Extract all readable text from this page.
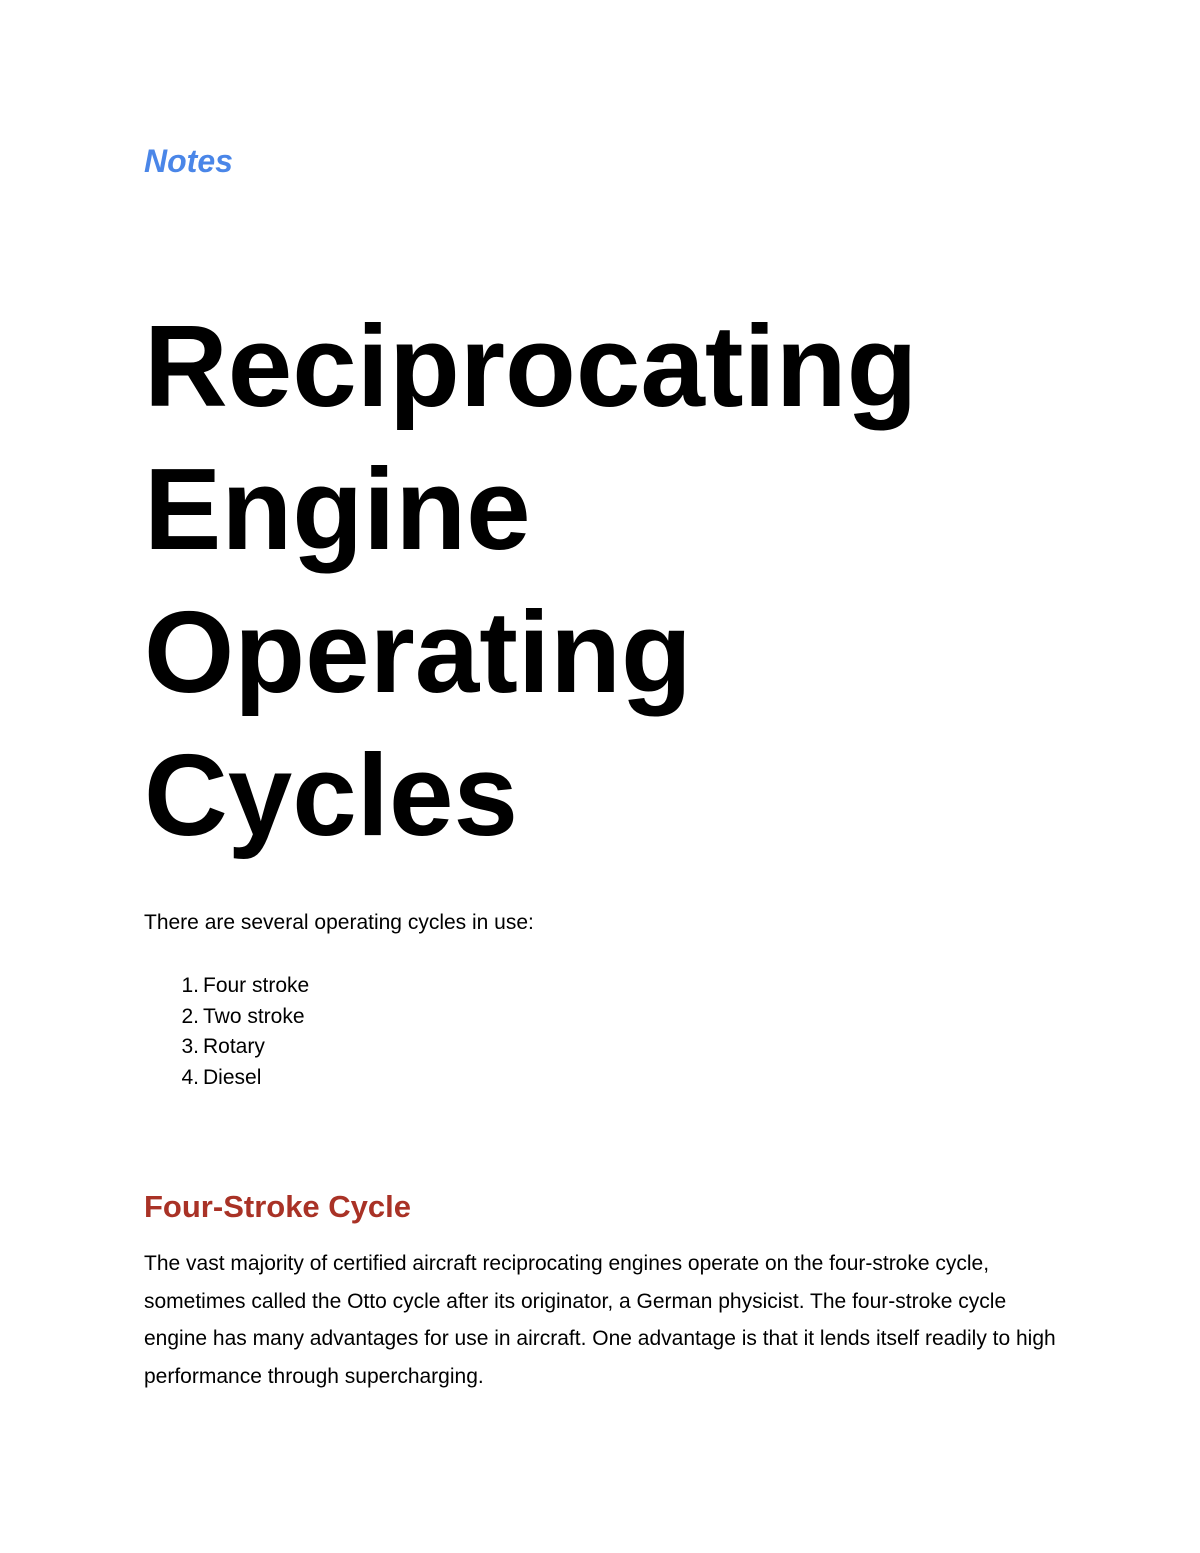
Notes
Reciprocating
Engine
Operating
Cycles

There are several operating cycles in use:

1. Four stroke
2. Two stroke
3. Rotary
4. Diesel
Four-Stroke Cycle

The vast majority of certified aircraft reciprocating engines operate on the four-stroke cycle, sometimes called the Otto cycle after its originator, a German physicist. The four-stroke cycle engine has many advantages for use in aircraft. One advantage is that it lends itself readily to high performance through supercharging.
